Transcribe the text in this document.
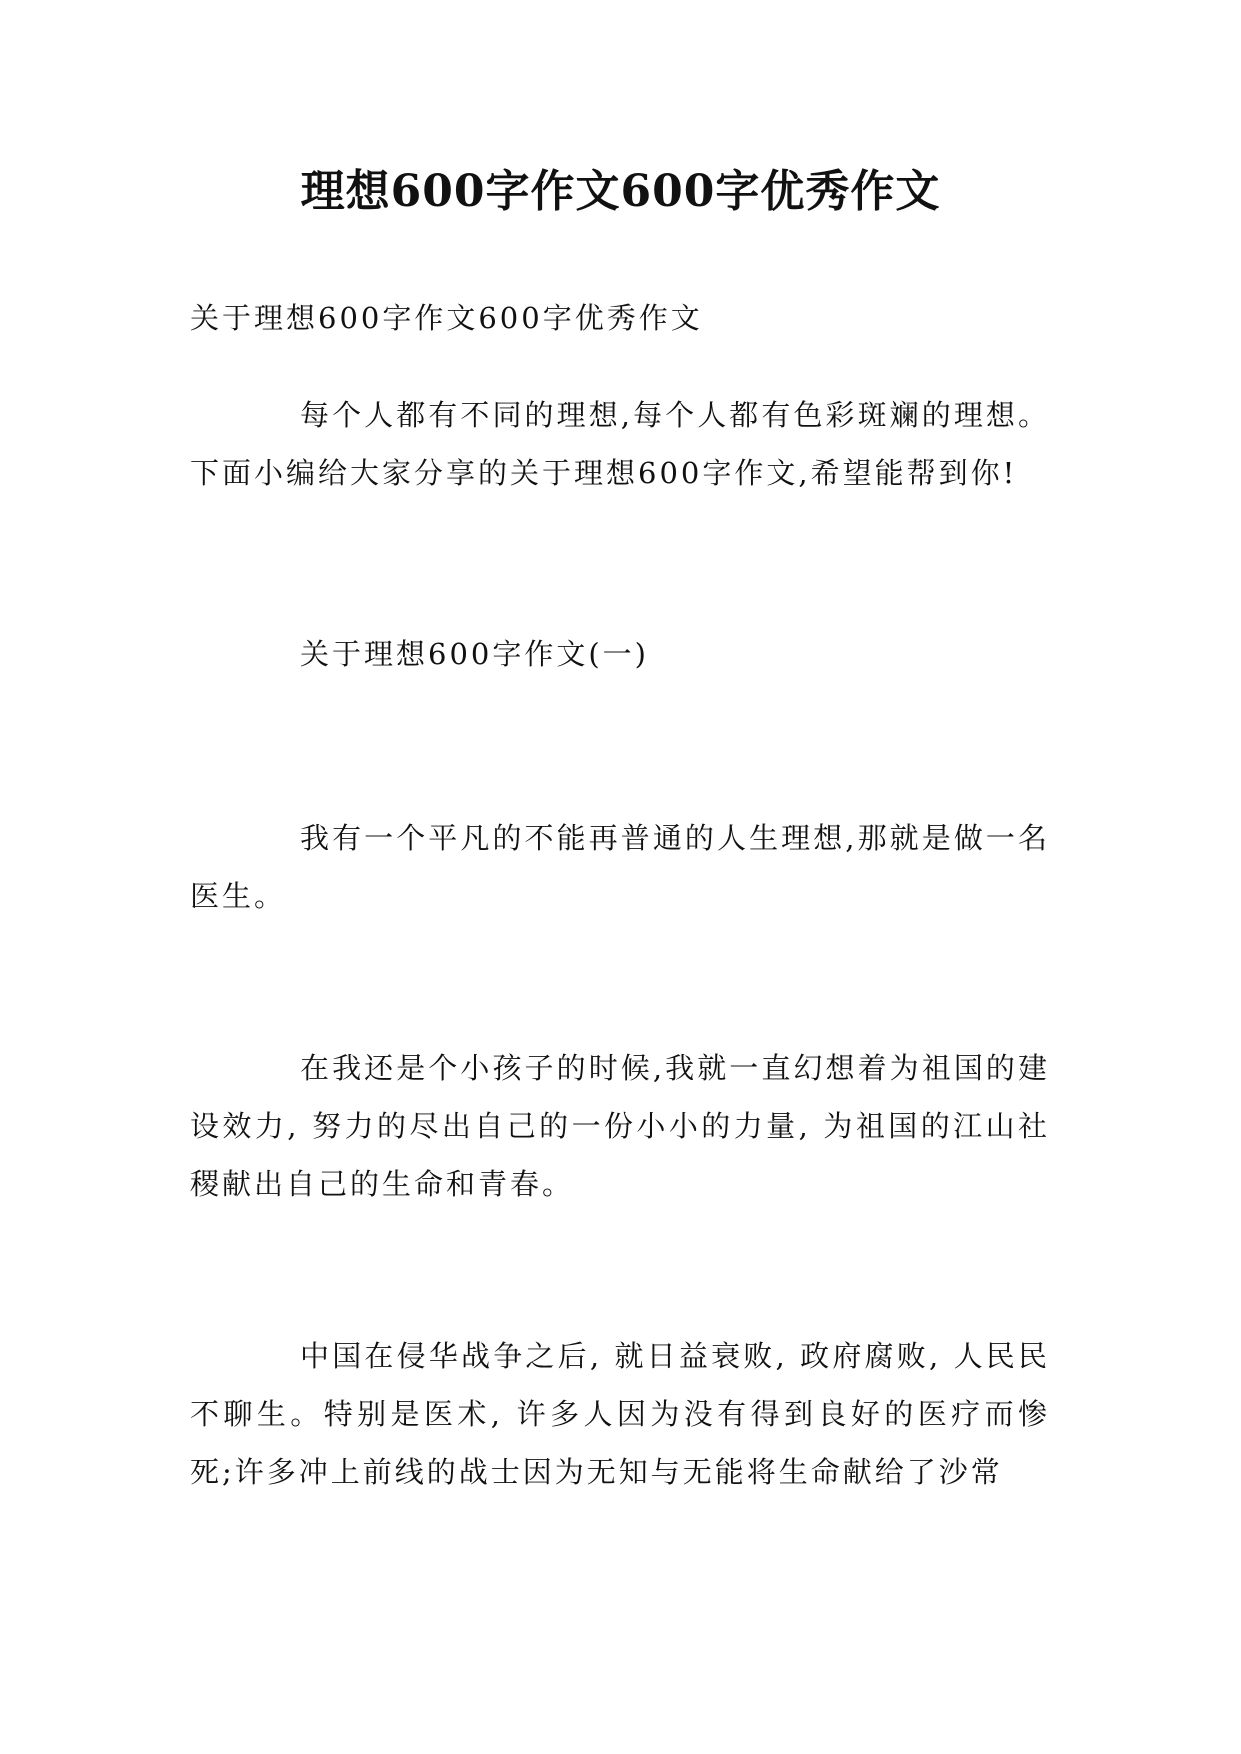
理想600字作文600字优秀作文
关于理想600字作文600字优秀作文
每个人都有不同的理想,每个人都有色彩斑斓的理想。下面小编给大家分享的关于理想600字作文,希望能帮到你!
关于理想600字作文(一)
我有一个平凡的不能再普通的人生理想,那就是做一名医生。
在我还是个小孩子的时候,我就一直幻想着为祖国的建设效力, 努力的尽出自己的一份小小的力量, 为祖国的江山社稷献出自己的生命和青春。
中国在侵华战争之后, 就日益衰败, 政府腐败, 人民民不聊生。特别是医术, 许多人因为没有得到良好的医疗而惨死;许多冲上前线的战士因为无知与无能将生命献给了沙常
